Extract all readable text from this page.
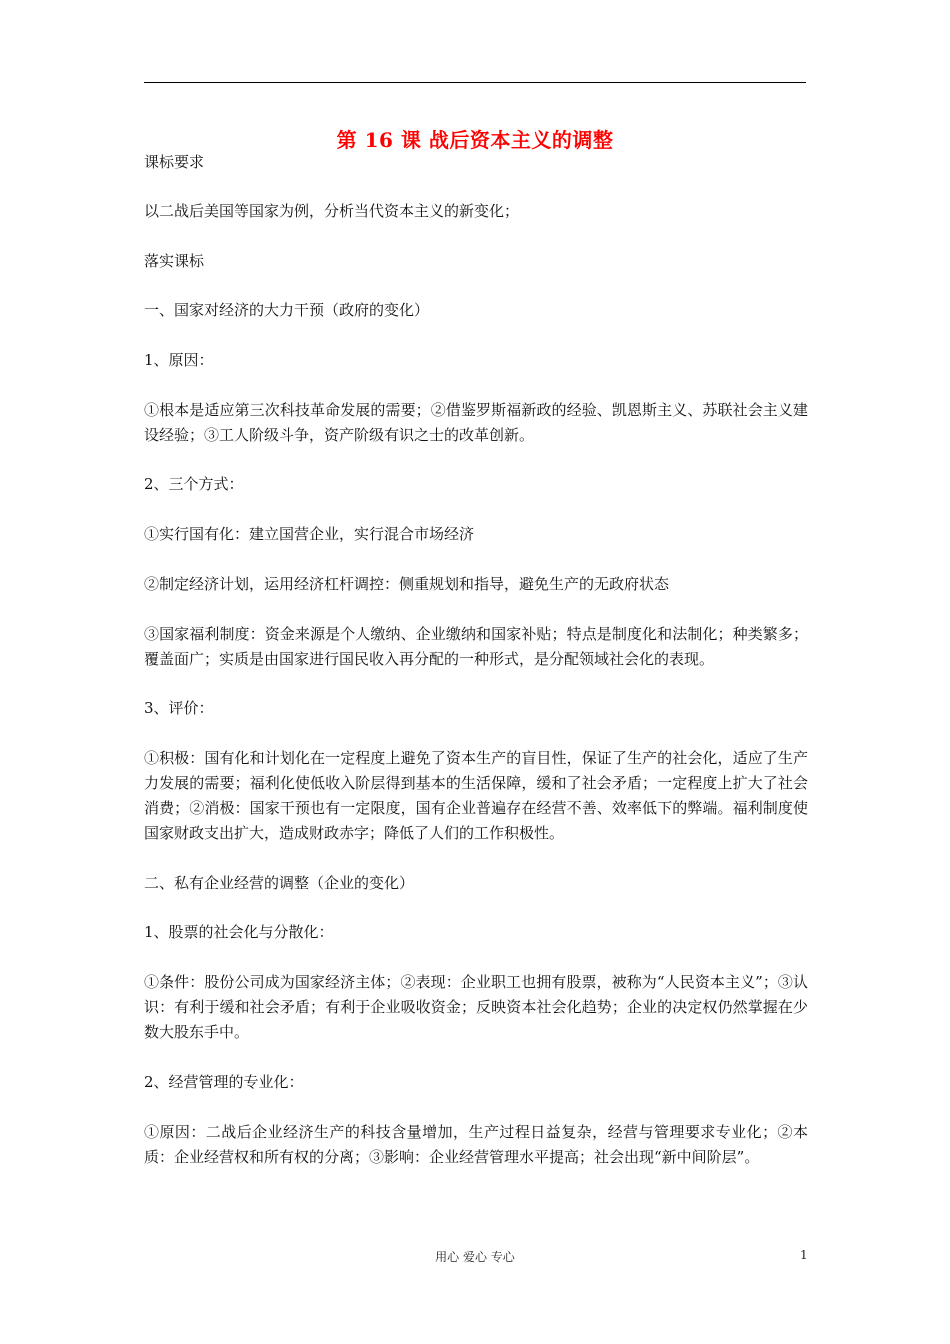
第 16 课 战后资本主义的调整

课标要求

以二战后美国等国家为例，分析当代资本主义的新变化；

落实课标

一、国家对经济的大力干预（政府的变化）

1、原因：

①根本是适应第三次科技革命发展的需要；②借鉴罗斯福新政的经验、凯恩斯主义、苏联社会主义建设经验；③工人阶级斗争，资产阶级有识之士的改革创新。

2、三个方式：

①实行国有化：建立国营企业，实行混合市场经济

②制定经济计划，运用经济杠杆调控：侧重规划和指导，避免生产的无政府状态

③国家福利制度：资金来源是个人缴纳、企业缴纳和国家补贴；特点是制度化和法制化；种类繁多；覆盖面广；实质是由国家进行国民收入再分配的一种形式，是分配领域社会化的表现。

3、评价：

①积极：国有化和计划化在一定程度上避免了资本生产的盲目性，保证了生产的社会化，适应了生产力发展的需要；福利化使低收入阶层得到基本的生活保障，缓和了社会矛盾；一定程度上扩大了社会消费；②消极：国家干预也有一定限度，国有企业普遍存在经营不善、效率低下的弊端。福利制度使国家财政支出扩大，造成财政赤字；降低了人们的工作积极性。

二、私有企业经营的调整（企业的变化）

1、股票的社会化与分散化：

①条件：股份公司成为国家经济主体；②表现：企业职工也拥有股票，被称为“人民资本主义”；③认识：有利于缓和社会矛盾；有利于企业吸收资金；反映资本社会化趋势；企业的决定权仍然掌握在少数大股东手中。

2、经营管理的专业化：

①原因：二战后企业经济生产的科技含量增加，生产过程日益复杂，经营与管理要求专业化；②本质：企业经营权和所有权的分离；③影响：企业经营管理水平提高；社会出现“新中间阶层”。

用心 爱心 专心	1
